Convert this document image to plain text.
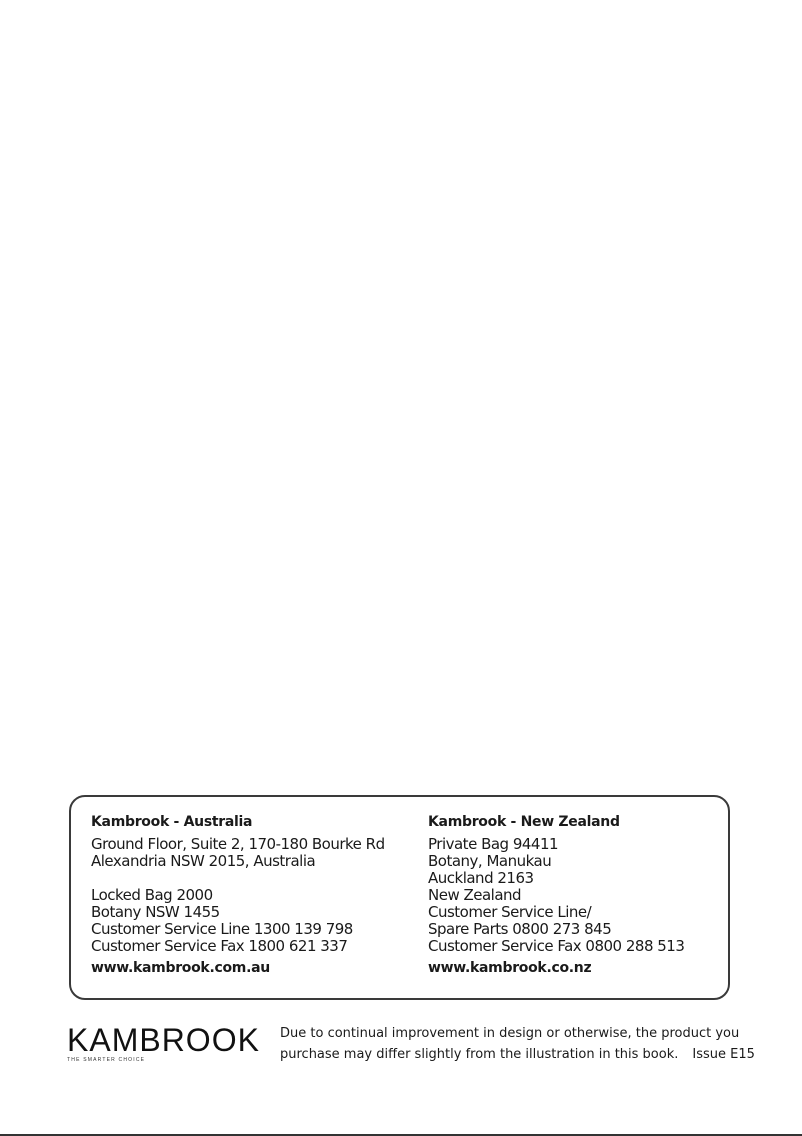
Kambrook - Australia
Ground Floor, Suite 2, 170-180 Bourke Rd
Alexandria NSW 2015, Australia
Locked Bag 2000
Botany NSW 1455
Customer Service Line 1300 139 798
Customer Service Fax 1800 621 337
www.kambrook.com.au
Kambrook - New Zealand
Private Bag 94411
Botany, Manukau
Auckland 2163
New Zealand
Customer Service Line/
Spare Parts 0800 273 845
Customer Service Fax 0800 288 513
www.kambrook.co.nz
KAMBROOK
THE SMARTER CHOICE
Due to continual improvement in design or otherwise, the product you
purchase may differ slightly from the illustration in this book. Issue E15
